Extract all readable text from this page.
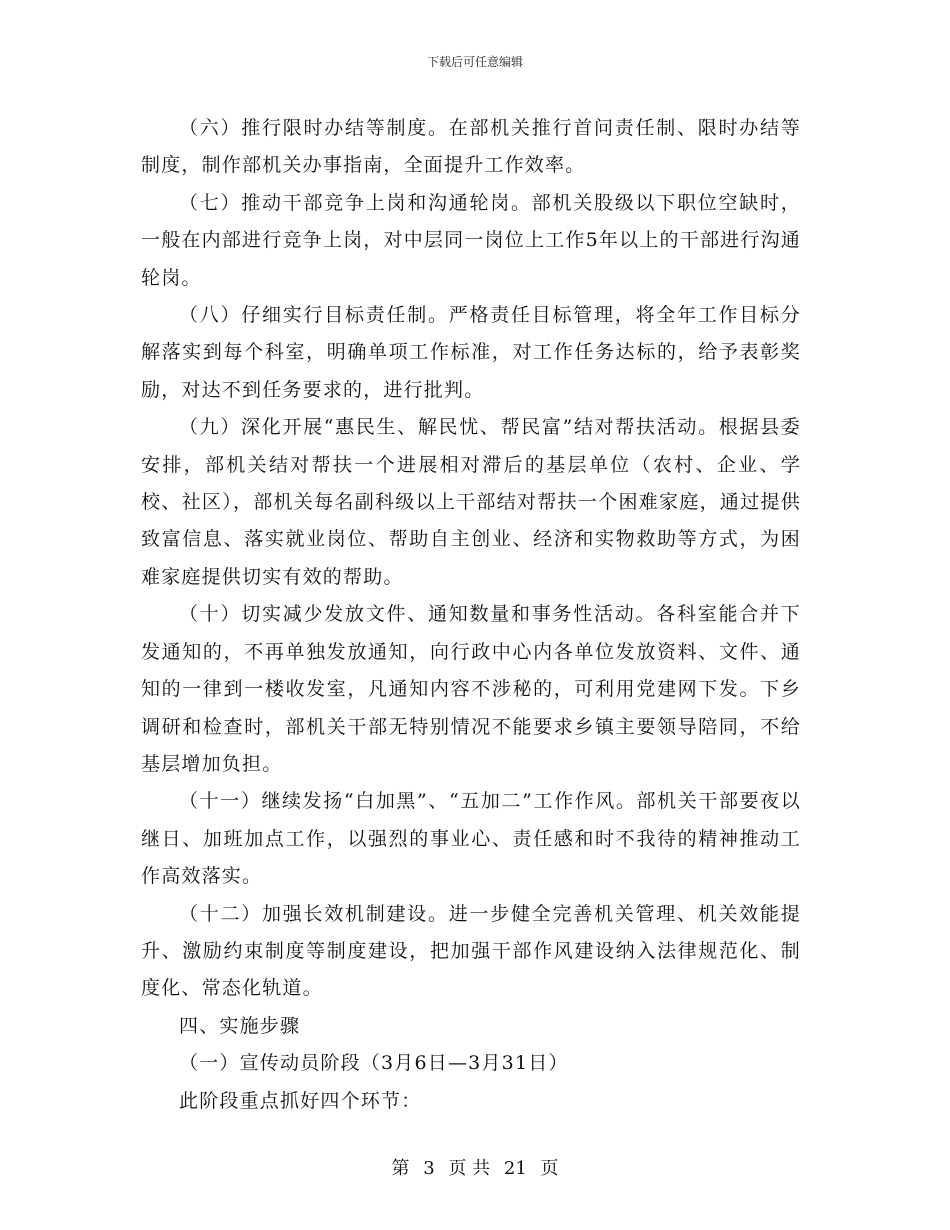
下载后可任意编辑

（六）推行限时办结等制度。在部机关推行首问责任制、限时办结等制度，制作部机关办事指南，全面提升工作效率。

（七）推动干部竞争上岗和沟通轮岗。部机关股级以下职位空缺时，一般在内部进行竞争上岗，对中层同一岗位上工作5年以上的干部进行沟通轮岗。

（八）仔细实行目标责任制。严格责任目标管理，将全年工作目标分解落实到每个科室，明确单项工作标准，对工作任务达标的，给予表彰奖励，对达不到任务要求的，进行批判。

（九）深化开展“惠民生、解民忧、帮民富”结对帮扶活动。根据县委安排，部机关结对帮扶一个进展相对滞后的基层单位（农村、企业、学校、社区），部机关每名副科级以上干部结对帮扶一个困难家庭，通过提供致富信息、落实就业岗位、帮助自主创业、经济和实物救助等方式，为困难家庭提供切实有效的帮助。

（十）切实减少发放文件、通知数量和事务性活动。各科室能合并下发通知的，不再单独发放通知，向行政中心内各单位发放资料、文件、通知的一律到一楼收发室，凡通知内容不涉秘的，可利用党建网下发。下乡调研和检查时，部机关干部无特别情况不能要求乡镇主要领导陪同，不给基层增加负担。

（十一）继续发扬“白加黑”、“五加二”工作作风。部机关干部要夜以继日、加班加点工作，以强烈的事业心、责任感和时不我待的精神推动工作高效落实。

（十二）加强长效机制建设。进一步健全完善机关管理、机关效能提升、激励约束制度等制度建设，把加强干部作风建设纳入法律规范化、制度化、常态化轨道。

四、实施步骤

（一）宣传动员阶段（3月6日—3月31日）

此阶段重点抓好四个环节：

第 3 页 共 21 页
